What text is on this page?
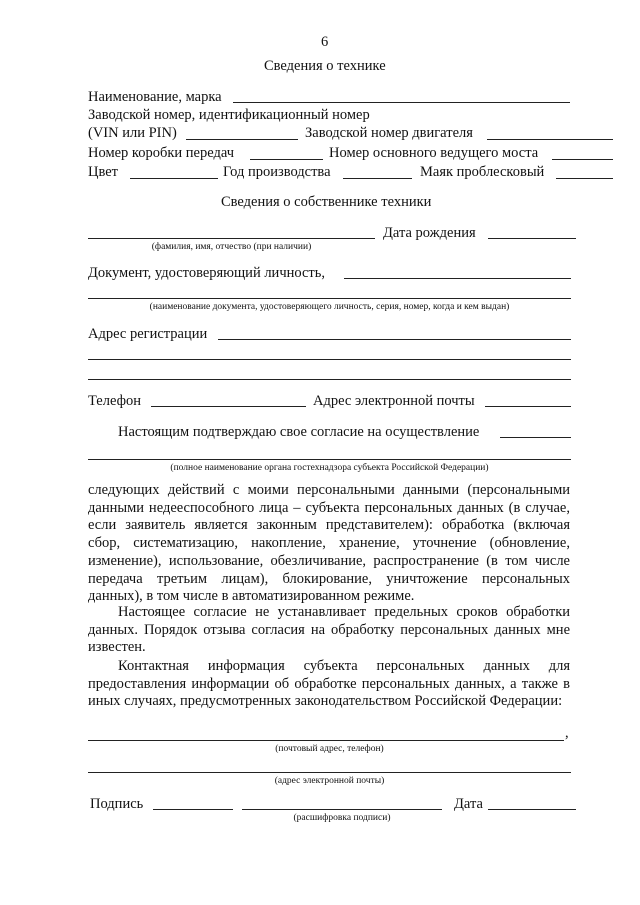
6
Сведения о технике
Наименование, марка
Заводской номер, идентификационный номер
(VIN или PIN)	Заводской номер двигателя
Номер коробки передач	Номер основного ведущего моста
Цвет	Год производства	Маяк проблесковый
Сведения о собственнике техники
Дата рождения
(фамилия, имя, отчество (при наличии)
Документ, удостоверяющий личность,
(наименование документа, удостоверяющего личность, серия, номер, когда и кем выдан)
Адрес регистрации
Телефон	Адрес электронной почты
Настоящим подтверждаю свое согласие на осуществление
(полное наименование органа гостехнадзора субъекта Российской Федерации)
следующих действий с моими персональными данными (персональными данными недееспособного лица – субъекта персональных данных (в случае, если заявитель является законным представителем): обработка (включая сбор, систематизацию, накопление, хранение, уточнение (обновление, изменение), использование, обезличивание, распространение (в том числе передача третьим лицам), блокирование, уничтожение персональных данных), в том числе в автоматизированном режиме.
Настоящее согласие не устанавливает предельных сроков обработки данных. Порядок отзыва согласия на обработку персональных данных мне известен.
Контактная информация субъекта персональных данных для предоставления информации об обработке персональных данных, а также в иных случаях, предусмотренных законодательством Российской Федерации:
,
(почтовый адрес, телефон)
(адрес электронной почты)
Подпись	Дата
(расшифровка подписи)
